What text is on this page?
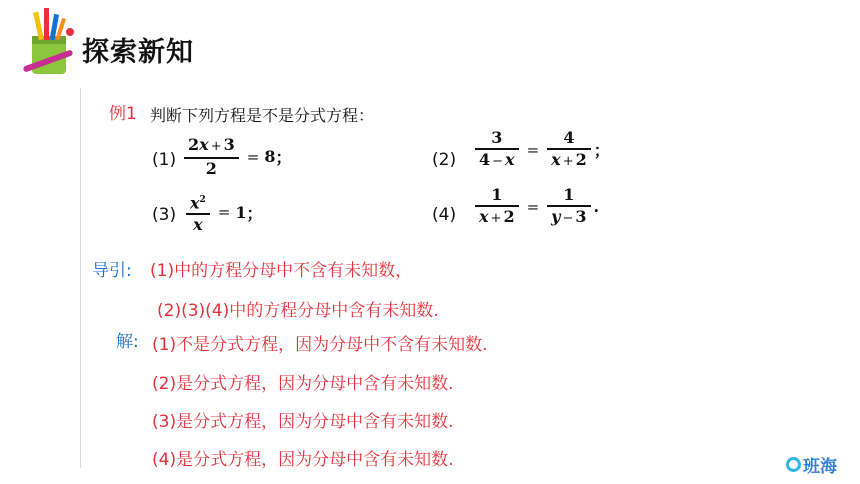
探索新知
例1 判断下列方程是不是分式方程：
$(1) \frac{2x + 3}{2} = 8$ ；	$(2) \frac{3}{4 - x} = \frac{4}{x + 2}$ ；
$(3) \frac{x^2}{x} = 1$ ；	$(4) \frac{1}{x + 2} = \frac{1}{y - 3}$ .
导引: (1)中的方程分母中不含有未知数，
(2)(3)(4)中的方程分母中含有未知数.
解: (1)不是分式方程，因为分母中不含有未知数.
(2)是分式方程，因为分母中含有未知数.
(3)是分式方程，因为分母中含有未知数.
(4)是分式方程，因为分母中含有未知数.	班海
